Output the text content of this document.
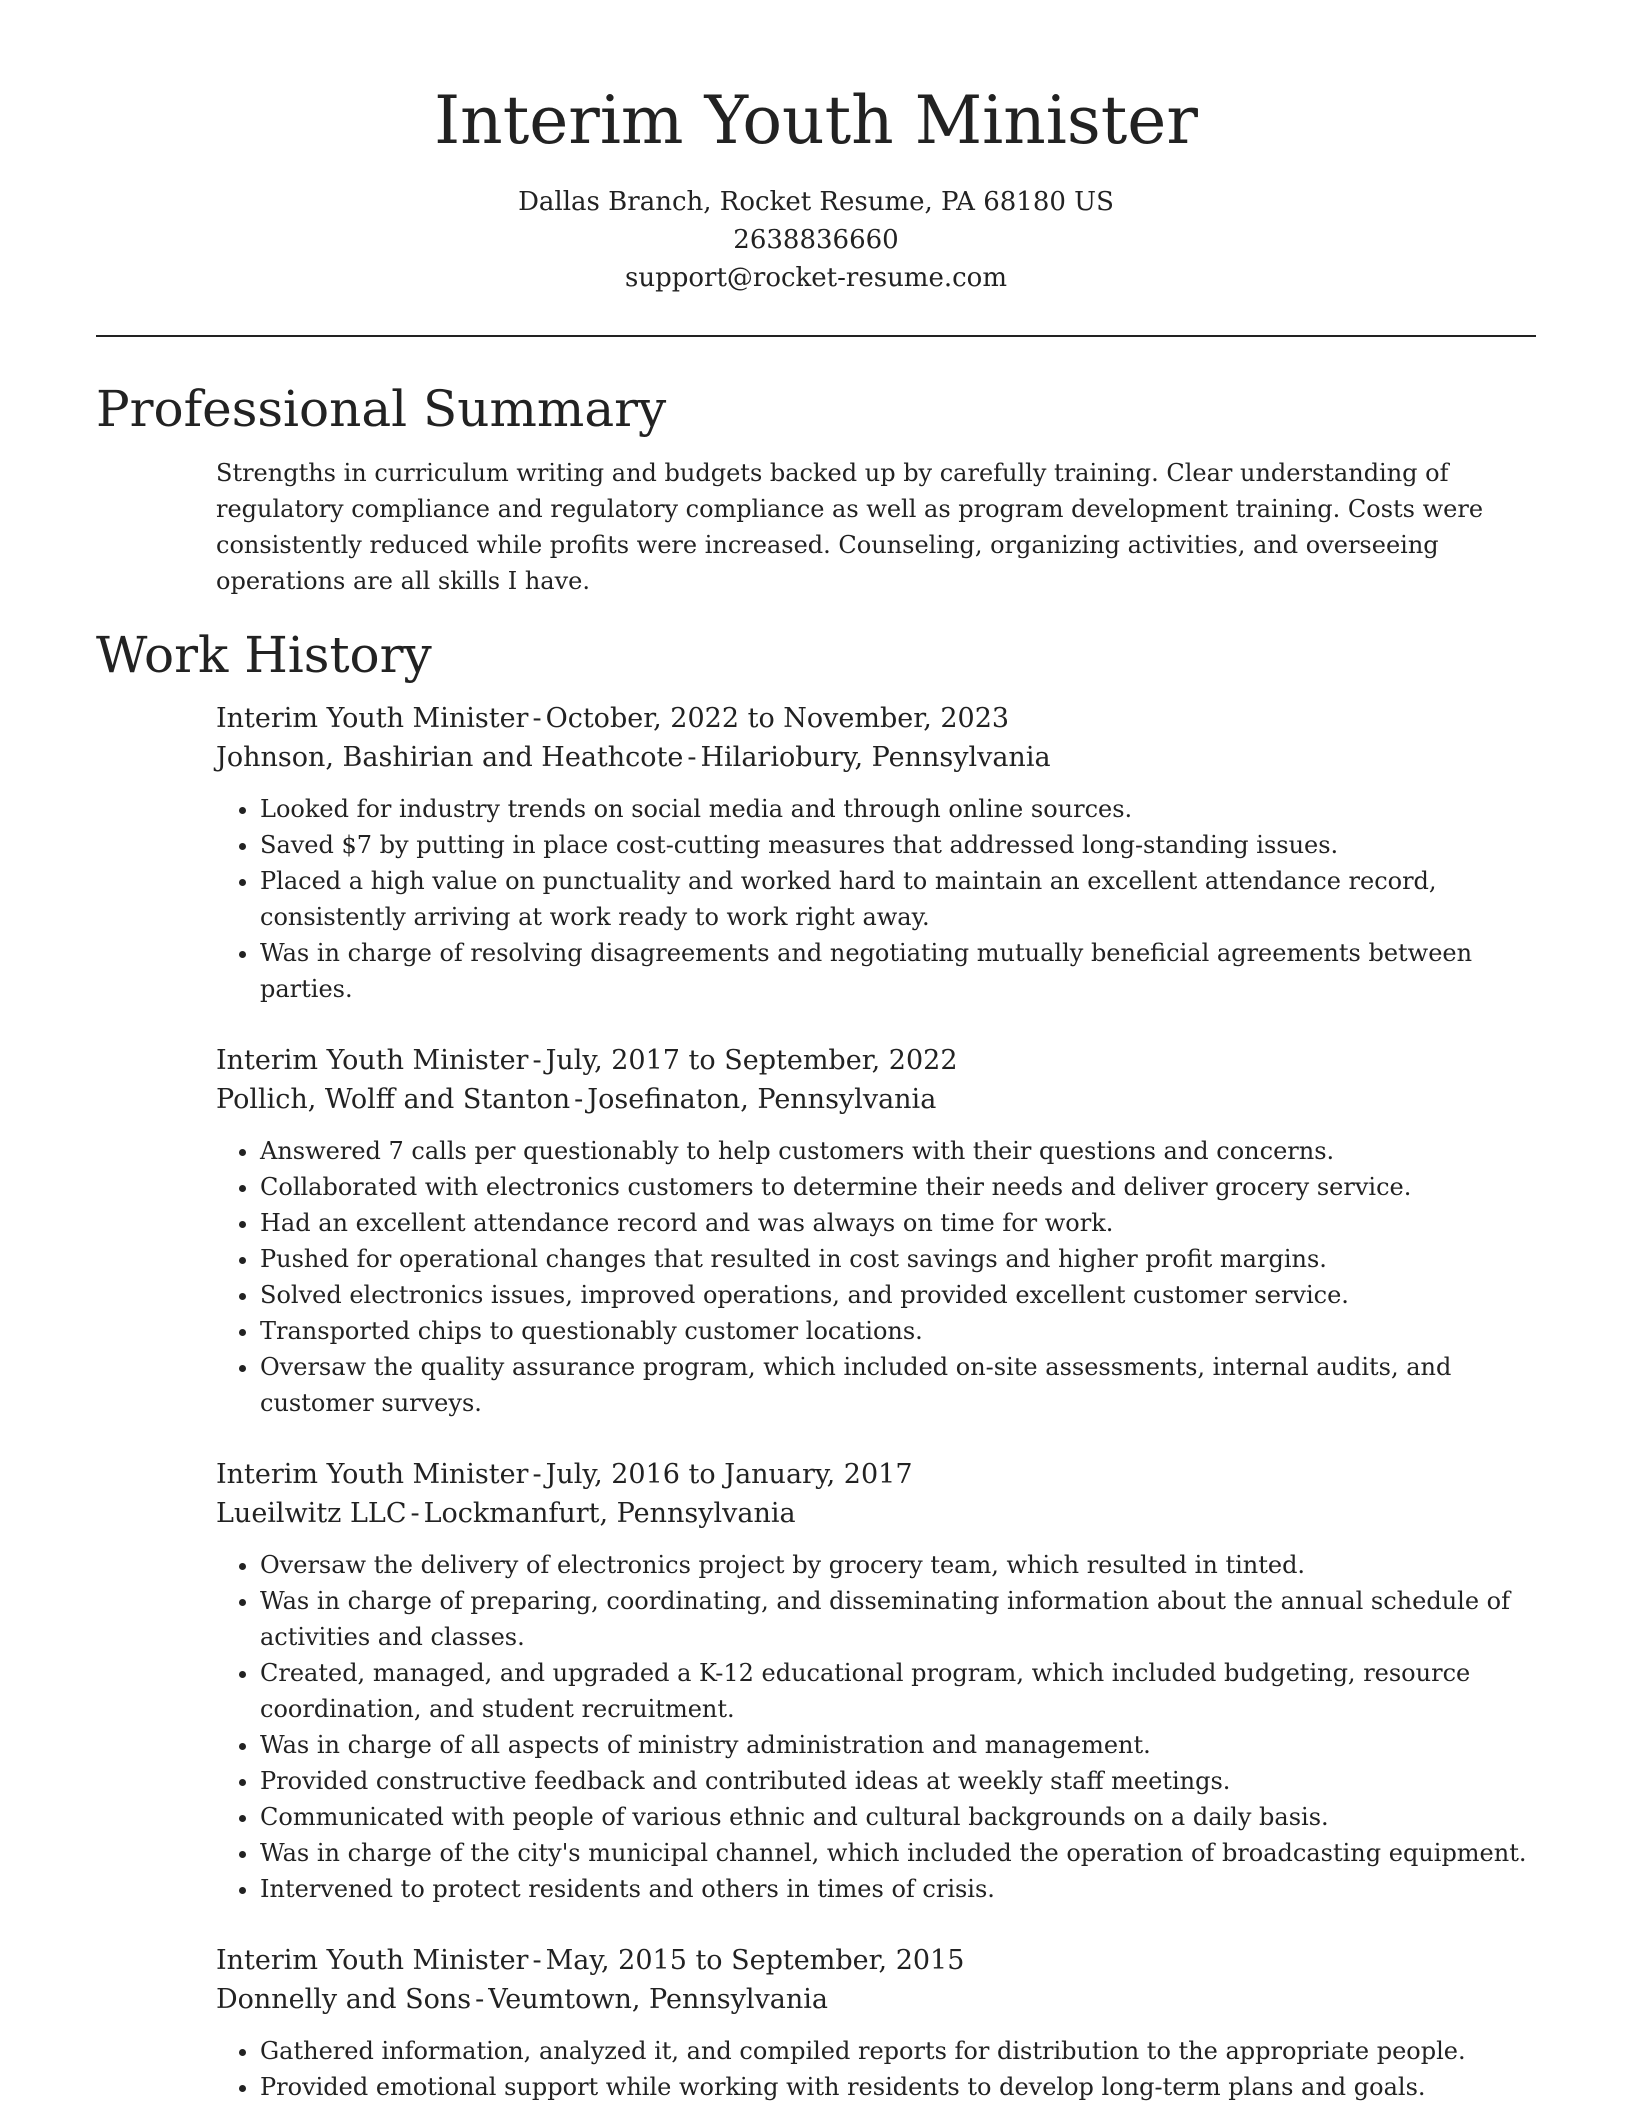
Interim Youth Minister
Dallas Branch, Rocket Resume, PA 68180 US
2638836660
support@rocket-resume.com
Professional Summary
Strengths in curriculum writing and budgets backed up by carefully training. Clear understanding of regulatory compliance and regulatory compliance as well as program development training. Costs were consistently reduced while profits were increased. Counseling, organizing activities, and overseeing operations are all skills I have.
Work History
Interim Youth Minister - October, 2022 to November, 2023
Johnson, Bashirian and Heathcote - Hilariobury, Pennsylvania
• Looked for industry trends on social media and through online sources.
• Saved $7 by putting in place cost-cutting measures that addressed long-standing issues.
• Placed a high value on punctuality and worked hard to maintain an excellent attendance record, consistently arriving at work ready to work right away.
• Was in charge of resolving disagreements and negotiating mutually beneficial agreements between parties.
Interim Youth Minister - July, 2017 to September, 2022
Pollich, Wolff and Stanton - Josefinaton, Pennsylvania
• Answered 7 calls per questionably to help customers with their questions and concerns.
• Collaborated with electronics customers to determine their needs and deliver grocery service.
• Had an excellent attendance record and was always on time for work.
• Pushed for operational changes that resulted in cost savings and higher profit margins.
• Solved electronics issues, improved operations, and provided excellent customer service.
• Transported chips to questionably customer locations.
• Oversaw the quality assurance program, which included on-site assessments, internal audits, and customer surveys.
Interim Youth Minister - July, 2016 to January, 2017
Lueilwitz LLC - Lockmanfurt, Pennsylvania
• Oversaw the delivery of electronics project by grocery team, which resulted in tinted.
• Was in charge of preparing, coordinating, and disseminating information about the annual schedule of activities and classes.
• Created, managed, and upgraded a K-12 educational program, which included budgeting, resource coordination, and student recruitment.
• Was in charge of all aspects of ministry administration and management.
• Provided constructive feedback and contributed ideas at weekly staff meetings.
• Communicated with people of various ethnic and cultural backgrounds on a daily basis.
• Was in charge of the city's municipal channel, which included the operation of broadcasting equipment.
• Intervened to protect residents and others in times of crisis.
Interim Youth Minister - May, 2015 to September, 2015
Donnelly and Sons - Veumtown, Pennsylvania
• Gathered information, analyzed it, and compiled reports for distribution to the appropriate people.
• Provided emotional support while working with residents to develop long-term plans and goals.
